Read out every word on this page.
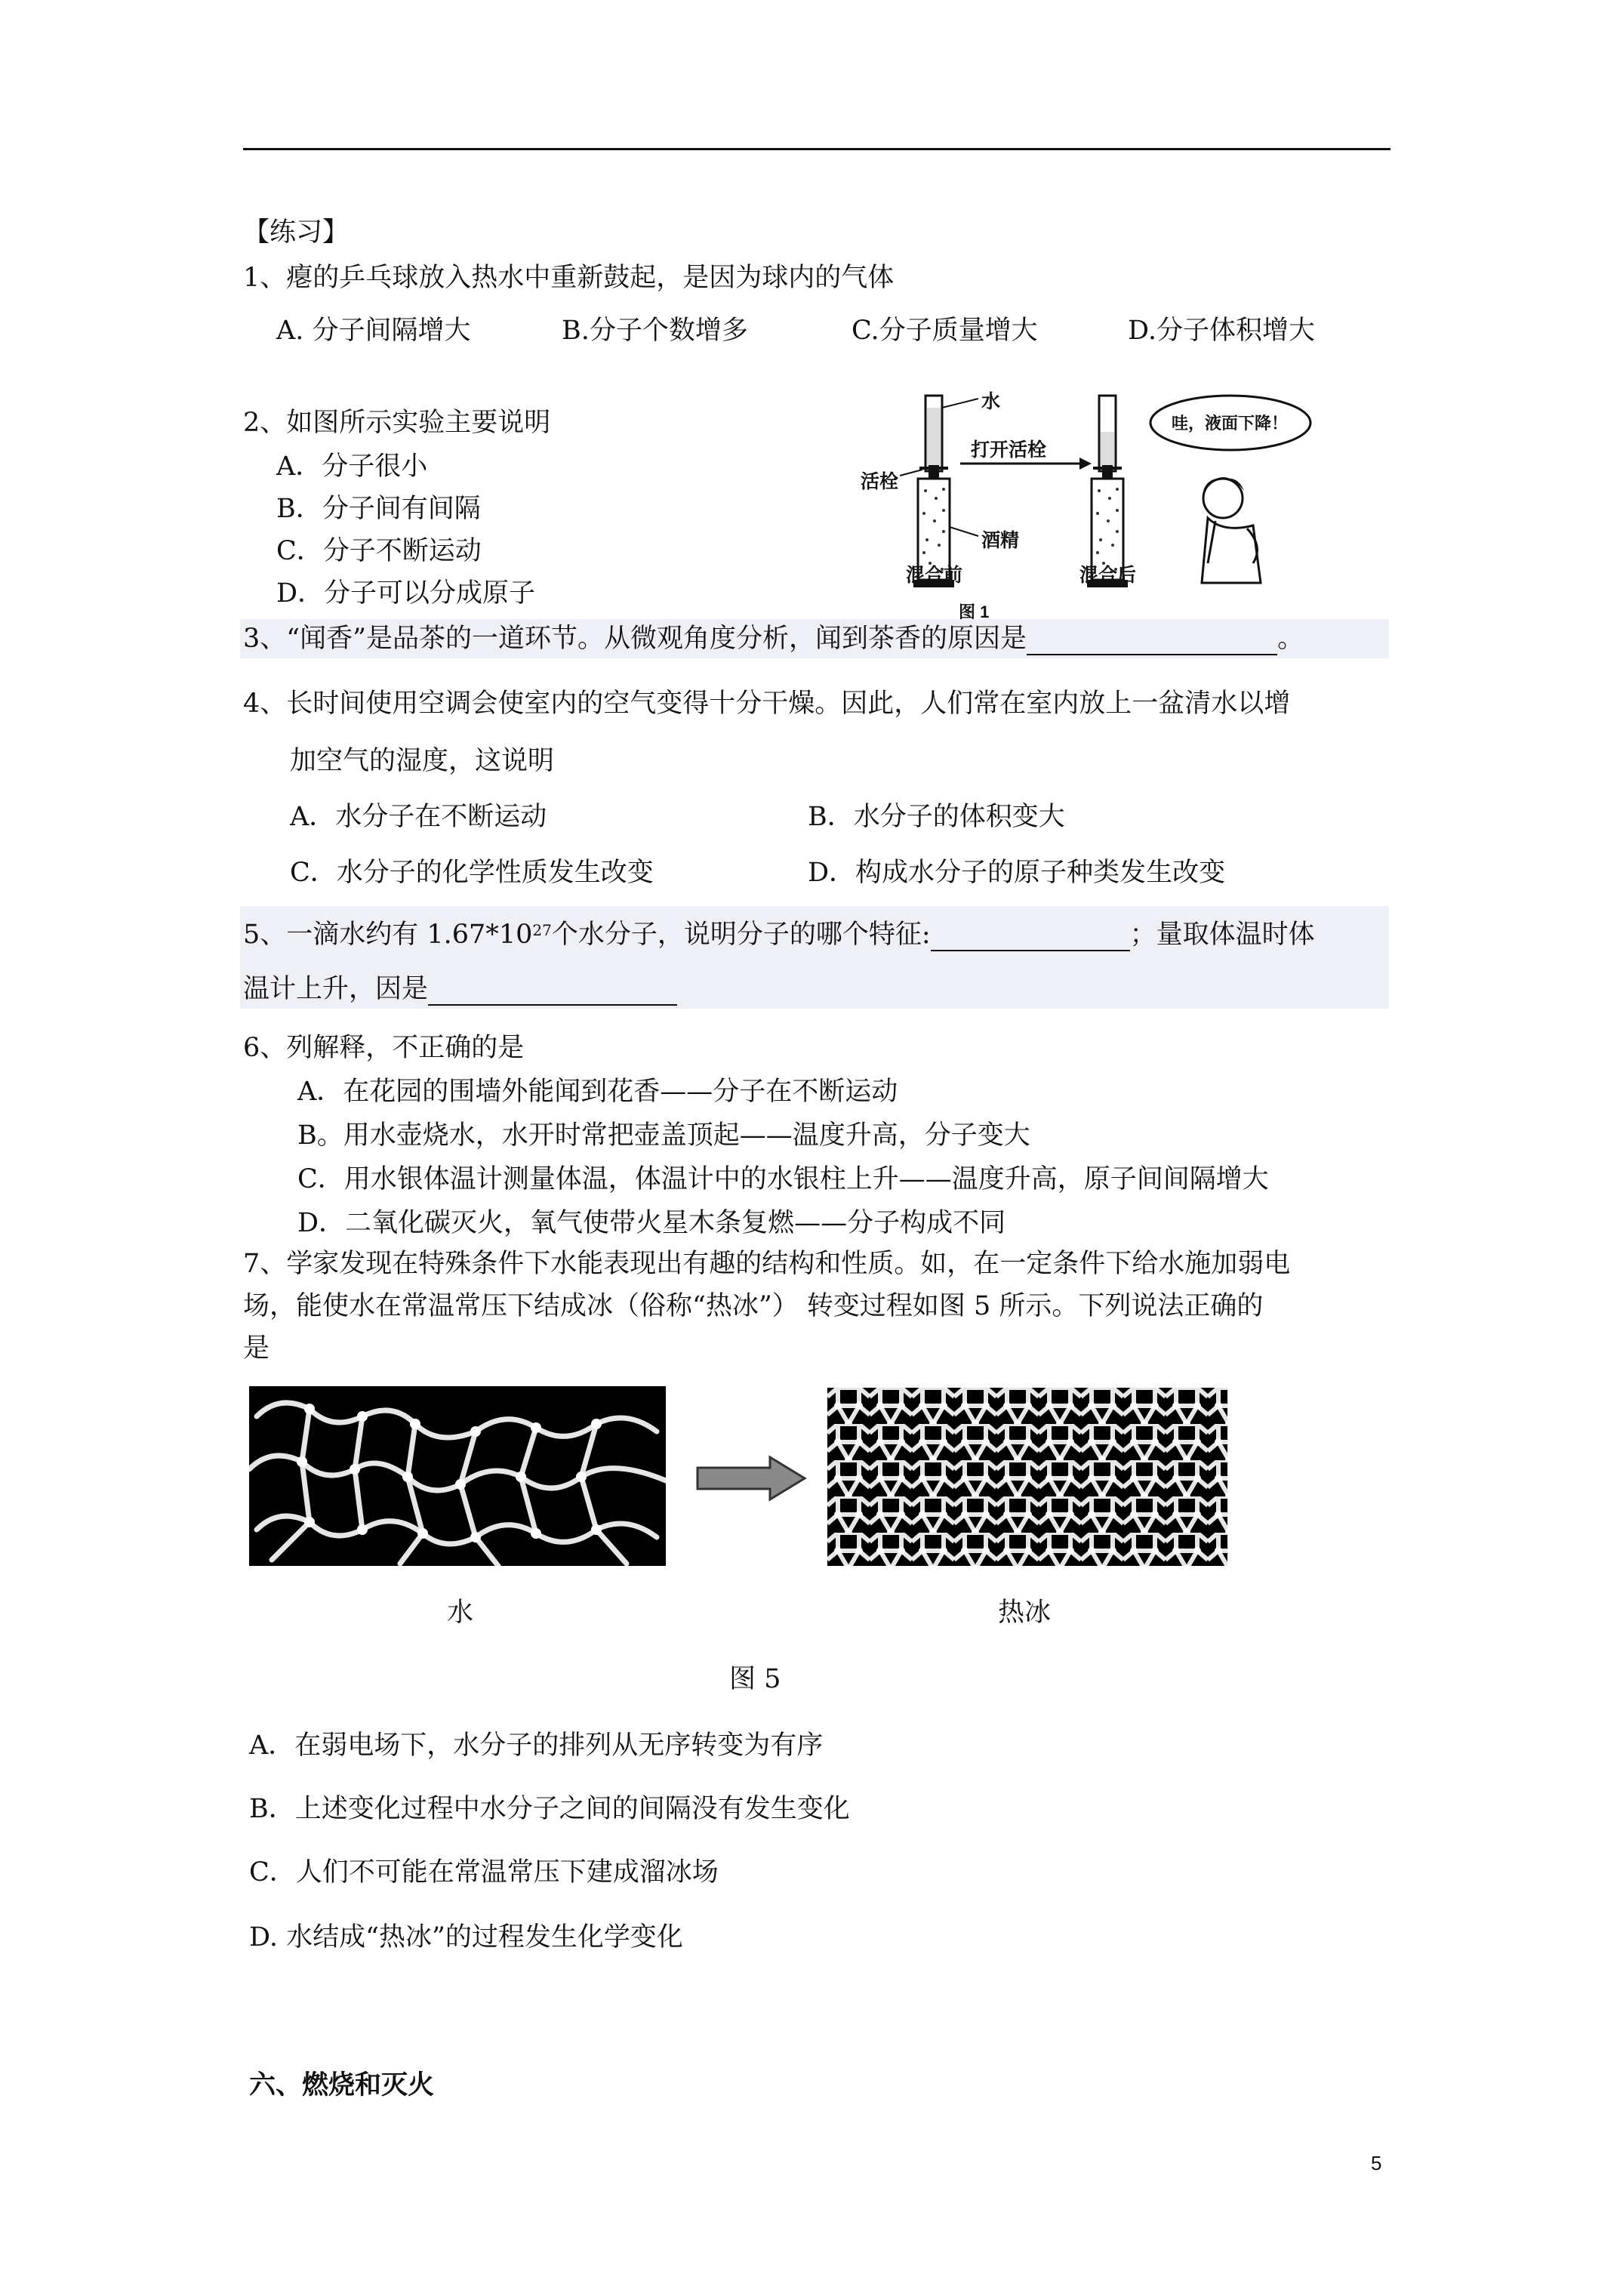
【练习】
1、瘪的乒乓球放入热水中重新鼓起，是因为球内的气体
A. 分子间隔增大	B.分子个数增多	C.分子质量增大	D.分子体积增大
2、如图所示实验主要说明
A．分子很小
B．分子间有间隔
C．分子不断运动
D．分子可以分成原子
水
活栓
打开活栓
酒精
混合前	混合后
哇，液面下降！
图 1
3、“闻香”是品茶的一道环节。从微观角度分析，闻到茶香的原因是	。
4、长时间使用空调会使室内的空气变得十分干燥。因此，人们常在室内放上一盆清水以增
加空气的湿度，这说明
A．水分子在不断运动	B．水分子的体积变大
C．水分子的化学性质发生改变	D．构成水分子的原子种类发生改变
5、一滴水约有 $1.67*10^{27}$个水分子，说明分子的哪个特征:	；量取体温时体
温计上升，因是
6、列解释，不正确的是
A．在花园的围墙外能闻到花香——分子在不断运动
B。用水壶烧水，水开时常把壶盖顶起——温度升高，分子变大
C．用水银体温计测量体温，体温计中的水银柱上升——温度升高，原子间间隔增大
D．二氧化碳灭火，氧气使带火星木条复燃——分子构成不同
7、学家发现在特殊条件下水能表现出有趣的结构和性质。如，在一定条件下给水施加弱电
场，能使水在常温常压下结成冰（俗称“热冰”） 转变过程如图 5 所示。下列说法正确的
是
水	热冰
图 5
A．在弱电场下，水分子的排列从无序转变为有序
B．上述变化过程中水分子之间的间隔没有发生变化
C．人们不可能在常温常压下建成溜冰场
D. 水结成“热冰”的过程发生化学变化
六、燃烧和灭火
5
